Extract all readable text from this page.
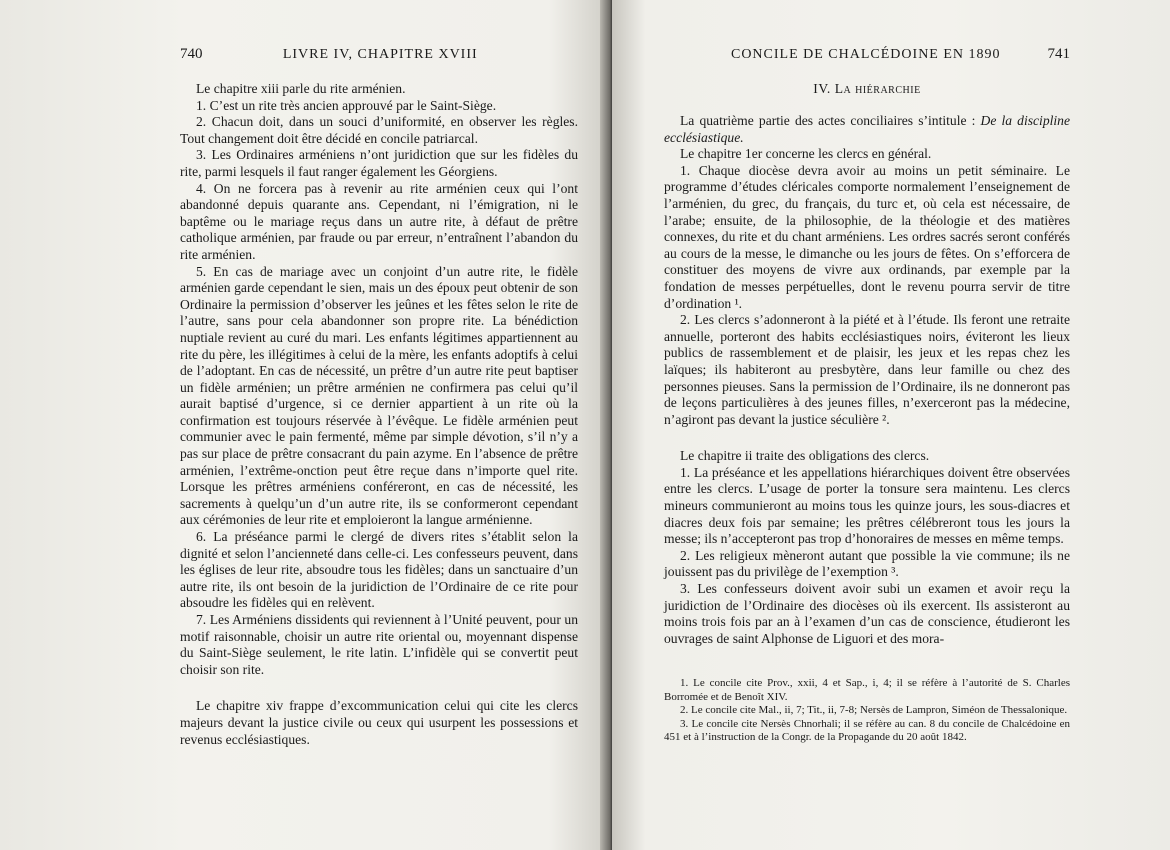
740	LIVRE IV, CHAPITRE XVIII

Le chapitre xiii parle du rite arménien.

1. C’est un rite très ancien approuvé par le Saint-Siège.

2. Chacun doit, dans un souci d’uniformité, en observer les règles. Tout changement doit être décidé en concile patriarcal.

3. Les Ordinaires arméniens n’ont juridiction que sur les fidèles du rite, parmi lesquels il faut ranger également les Géorgiens.

4. On ne forcera pas à revenir au rite arménien ceux qui l’ont abandonné depuis quarante ans. Cependant, ni l’émigration, ni le baptême ou le mariage reçus dans un autre rite, à défaut de prêtre catholique arménien, par fraude ou par erreur, n’entraînent l’abandon du rite arménien.

5. En cas de mariage avec un conjoint d’un autre rite, le fidèle arménien garde cependant le sien, mais un des époux peut obtenir de son Ordinaire la permission d’observer les jeûnes et les fêtes selon le rite de l’autre, sans pour cela abandonner son propre rite. La bénédiction nuptiale revient au curé du mari. Les enfants légitimes appartiennent au rite du père, les illégitimes à celui de la mère, les enfants adoptifs à celui de l’adoptant. En cas de nécessité, un prêtre d’un autre rite peut baptiser un fidèle arménien; un prêtre arménien ne confirmera pas celui qu’il aurait baptisé d’urgence, si ce dernier appartient à un rite où la confirmation est toujours réservée à l’évêque. Le fidèle arménien peut communier avec le pain fermenté, même par simple dévotion, s’il n’y a pas sur place de prêtre consacrant du pain azyme. En l’absence de prêtre arménien, l’extrême-onction peut être reçue dans n’importe quel rite. Lorsque les prêtres arméniens conféreront, en cas de nécessité, les sacrements à quelqu’un d’un autre rite, ils se conformeront cependant aux cérémonies de leur rite et emploieront la langue arménienne.

6. La préséance parmi le clergé de divers rites s’établit selon la dignité et selon l’ancienneté dans celle-ci. Les confesseurs peuvent, dans les églises de leur rite, absoudre tous les fidèles; dans un sanctuaire d’un autre rite, ils ont besoin de la juridiction de l’Ordinaire de ce rite pour absoudre les fidèles qui en relèvent.

7. Les Arméniens dissidents qui reviennent à l’Unité peuvent, pour un motif raisonnable, choisir un autre rite oriental ou, moyennant dispense du Saint-Siège seulement, le rite latin. L’infidèle qui se convertit peut choisir son rite.

Le chapitre xiv frappe d’excommunication celui qui cite les clercs majeurs devant la justice civile ou ceux qui usurpent les possessions et revenus ecclésiastiques.

CONCILE DE CHALCÉDOINE EN 1890	741
IV. La hiérarchie

La quatrième partie des actes conciliaires s’intitule : De la discipline ecclésiastique.

Le chapitre 1er concerne les clercs en général.

1. Chaque diocèse devra avoir au moins un petit séminaire. Le programme d’études cléricales comporte normalement l’enseignement de l’arménien, du grec, du français, du turc et, où cela est nécessaire, de l’arabe; ensuite, de la philosophie, de la théologie et des matières connexes, du rite et du chant arméniens. Les ordres sacrés seront conférés au cours de la messe, le dimanche ou les jours de fêtes. On s’efforcera de constituer des moyens de vivre aux ordinands, par exemple par la fondation de messes perpétuelles, dont le revenu pourra servir de titre d’ordination ¹.

2. Les clercs s’adonneront à la piété et à l’étude. Ils feront une retraite annuelle, porteront des habits ecclésiastiques noirs, éviteront les lieux publics de rassemblement et de plaisir, les jeux et les repas chez les laïques; ils habiteront au presbytère, dans leur famille ou chez des personnes pieuses. Sans la permission de l’Ordinaire, ils ne donneront pas de leçons particulières à des jeunes filles, n’exerceront pas la médecine, n’agiront pas devant la justice séculière ².

Le chapitre ii traite des obligations des clercs.

1. La préséance et les appellations hiérarchiques doivent être observées entre les clercs. L’usage de porter la tonsure sera maintenu. Les clercs mineurs communieront au moins tous les quinze jours, les sous-diacres et diacres deux fois par semaine; les prêtres célébreront tous les jours la messe; ils n’accepteront pas trop d’honoraires de messes en même temps.

2. Les religieux mèneront autant que possible la vie commune; ils ne jouissent pas du privilège de l’exemption ³.

3. Les confesseurs doivent avoir subi un examen et avoir reçu la juridiction de l’Ordinaire des diocèses où ils exercent. Ils assisteront au moins trois fois par an à l’examen d’un cas de conscience, étudieront les ouvrages de saint Alphonse de Liguori et des mora-

1. Le concile cite Prov., xxii, 4 et Sap., i, 4; il se réfère à l’autorité de S. Charles Borromée et de Benoît XIV.

2. Le concile cite Mal., ii, 7; Tit., ii, 7-8; Nersès de Lampron, Siméon de Thessalonique.

3. Le concile cite Nersès Chnorhali; il se réfère au can. 8 du concile de Chalcédoine en 451 et à l’instruction de la Congr. de la Propagande du 20 août 1842.
